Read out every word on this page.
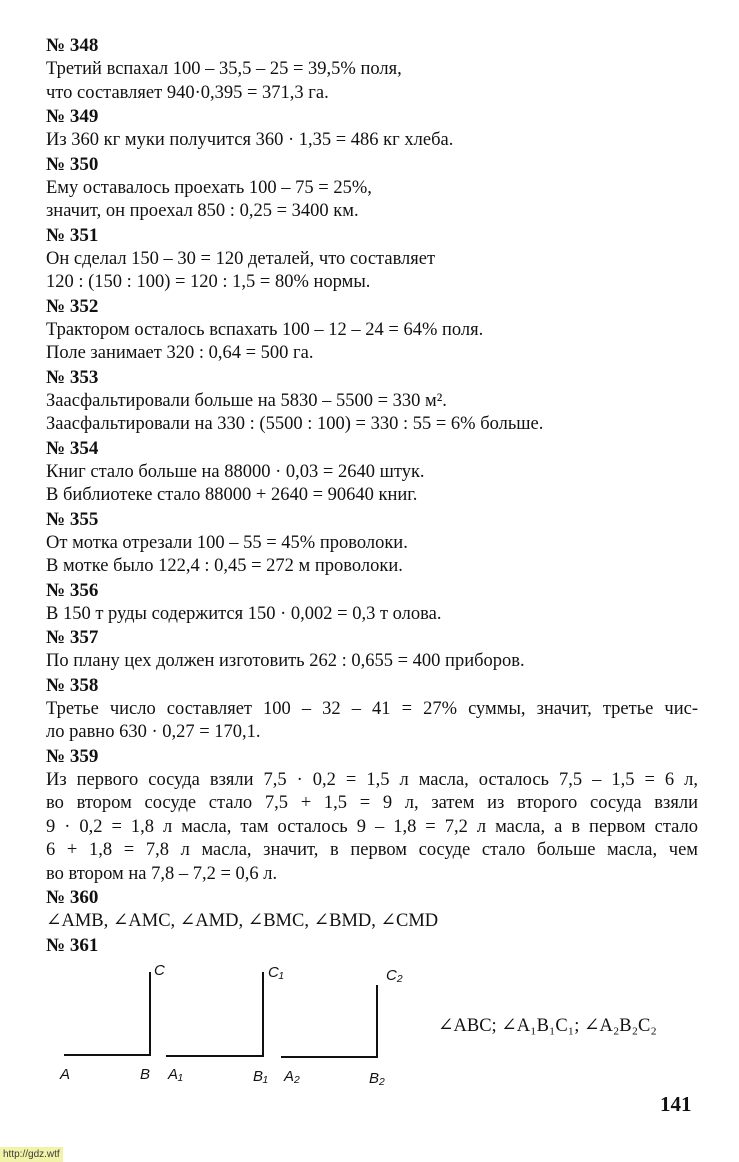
№ 348
Третий вспахал 100 – 35,5 – 25 = 39,5% поля,
что составляет 940·0,395 = 371,3 га.
№ 349
Из 360 кг муки получится 360 · 1,35 = 486 кг хлеба.
№ 350
Ему оставалось проехать 100 – 75 = 25%,
значит, он проехал 850 : 0,25 = 3400 км.
№ 351
Он сделал 150 – 30 = 120 деталей, что составляет
120 : (150 : 100) = 120 : 1,5 = 80% нормы.
№ 352
Трактором осталось вспахать 100 – 12 – 24 = 64% поля.
Поле занимает 320 : 0,64 = 500 га.
№ 353
Заасфальтировали больше на 5830 – 5500 = 330 м².
Заасфальтировали на 330 : (5500 : 100) = 330 : 55 = 6% больше.
№ 354
Книг стало больше на 88000 · 0,03 = 2640 штук.
В библиотеке стало 88000 + 2640 = 90640 книг.
№ 355
От мотка отрезали 100 – 55 = 45% проволоки.
В мотке было 122,4 : 0,45 = 272 м проволоки.
№ 356
В 150 т руды содержится 150 · 0,002 = 0,3 т олова.
№ 357
По плану цех должен изготовить 262 : 0,655 = 400 приборов.
№ 358
Третье число составляет 100 – 32 – 41 = 27% суммы, значит, третье чис-
ло равно 630 · 0,27 = 170,1.
№ 359
Из первого сосуда взяли 7,5 · 0,2 = 1,5 л масла, осталось 7,5 – 1,5 = 6 л,
во втором сосуде стало 7,5 + 1,5 = 9 л, затем из второго сосуда взяли
9 · 0,2 = 1,8 л масла, там осталось 9 – 1,8 = 7,2 л масла, а в первом стало
6 + 1,8 = 7,8 л масла, значит, в первом сосуде стало больше масла, чем
во втором на 7,8 – 7,2 = 0,6 л.
№ 360
∠AMB, ∠AMC, ∠AMD, ∠BMC, ∠BMD, ∠CMD
№ 361
C	C₁	C₂
A	B A₁	B₁ A₂	B₂
∠ABC; ∠A₁B₁C₁; ∠A₂B₂C₂
141
http://gdz.wtf
